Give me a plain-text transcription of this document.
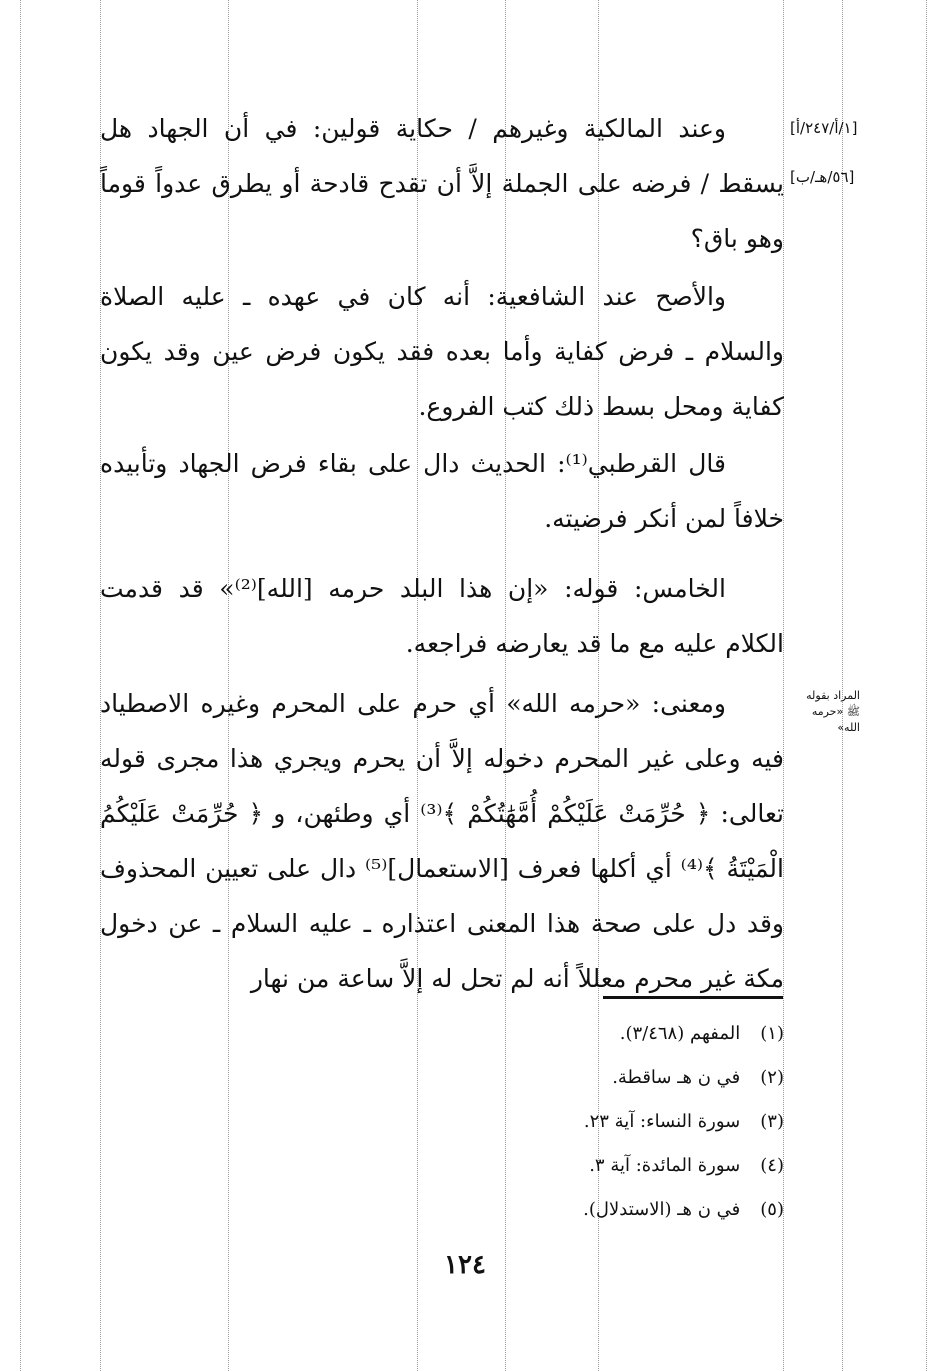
[١/أ/٢٤٧/أ]
[٥٦/هـ/ب]
المراد بقوله ﷺ «حرمه الله»
وعند المالكية وغيرهم / حكاية قولين: في أن الجهاد هل يسقط / فرضه على الجملة إلاَّ أن تقدح قادحة أو يطرق عدواً قوماً وهو باق؟
والأصح عند الشافعية: أنه كان في عهده ـ عليه الصلاة والسلام ـ فرض كفاية وأما بعده فقد يكون فرض عين وقد يكون كفاية ومحل بسط ذلك كتب الفروع.
قال القرطبي⁽¹⁾: الحديث دال على بقاء فرض الجهاد وتأبيده خلافاً لمن أنكر فرضيته.
الخامس: قوله: «إن هذا البلد حرمه [الله]⁽²⁾» قد قدمت الكلام عليه مع ما قد يعارضه فراجعه.
ومعنى: «حرمه الله» أي حرم على المحرم وغيره الاصطياد فيه وعلى غير المحرم دخوله إلاَّ أن يحرم ويجري هذا مجرى قوله تعالى: ﴿ حُرِّمَتْ عَلَيْكُمْ أُمَّهَٰتُكُمْ ﴾⁽³⁾ أي وطئهن، و ﴿ حُرِّمَتْ عَلَيْكُمُ الْمَيْتَةُ ﴾⁽⁴⁾ أي أكلها فعرف [الاستعمال]⁽⁵⁾ دال على تعيين المحذوف وقد دل على صحة هذا المعنى اعتذاره ـ عليه السلام ـ عن دخول مكة غير محرم معللاً أنه لم تحل له إلاَّ ساعة من نهار
(١) المفهم (٣/٤٦٨).
(٢) في ن هـ ساقطة.
(٣) سورة النساء: آية ٢٣.
(٤) سورة المائدة: آية ٣.
(٥) في ن هـ (الاستدلال).
١٢٤
